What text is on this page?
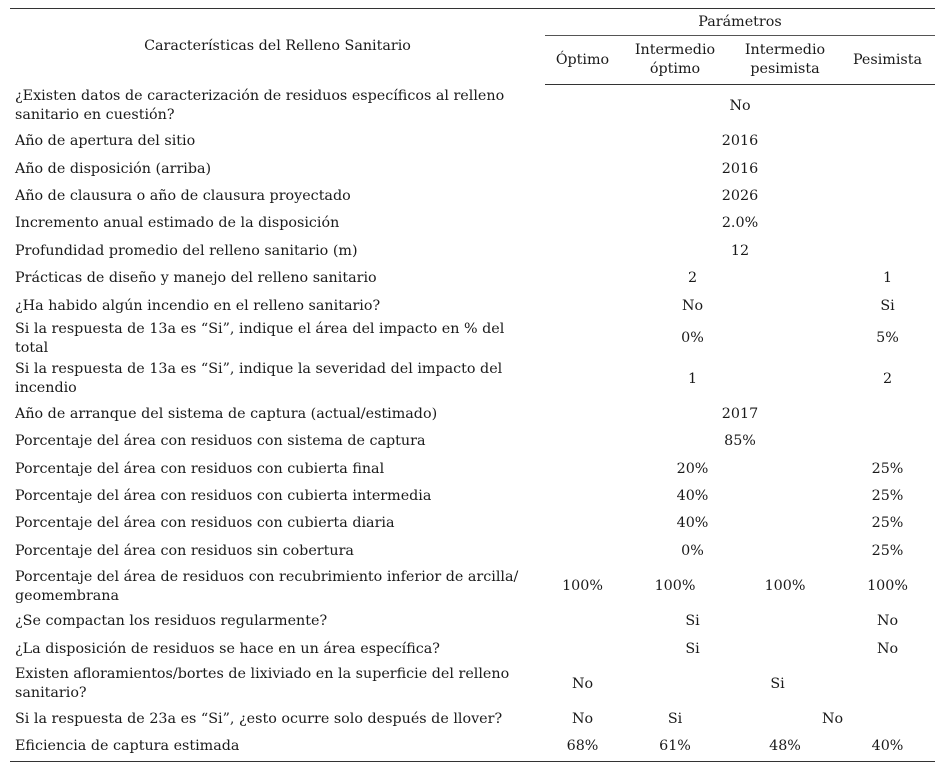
Características del Relleno Sanitario	Parámetros			
	Óptimo	Intermedio óptimo	Intermedio pesimista	Pesimista
¿Existen datos de caracterización de residuos específicos al relleno sanitario en cuestión?	No			
Año de apertura del sitio	2016			
Año de disposición (arriba)	2016			
Año de clausura o año de clausura proyectado	2026			
Incremento anual estimado de la disposición	2.0%			
Profundidad promedio del relleno sanitario (m)	12			
Prácticas de diseño y manejo del relleno sanitario	2			1
¿Ha habido algún incendio en el relleno sanitario?	No			Si
Si la respuesta de 13a es “Si”, indique el área del impacto en % del total	0%			5%
Si la respuesta de 13a es “Si”, indique la severidad del impacto del incendio	1			2
Año de arranque del sistema de captura (actual/estimado)	2017			
Porcentaje del área con residuos con sistema de captura	85%			
Porcentaje del área con residuos con cubierta final	20%			25%
Porcentaje del área con residuos con cubierta intermedia	40%			25%
Porcentaje del área con residuos con cubierta diaria	40%			25%
Porcentaje del área con residuos sin cobertura	0%			25%
Porcentaje del área de residuos con recubrimiento inferior de arcilla/ geomembrana	100%	100%	100%	100%
¿Se compactan los residuos regularmente?	Si			No
¿La disposición de residuos se hace en un área específica?	Si			No
Existen afloramientos/bortes de lixiviado en la superficie del relleno sanitario?	No	Si		
Si la respuesta de 23a es “Si”, ¿esto ocurre solo después de llover?	No	Si	No	
Eficiencia de captura estimada	68%	61%	48%	40%
